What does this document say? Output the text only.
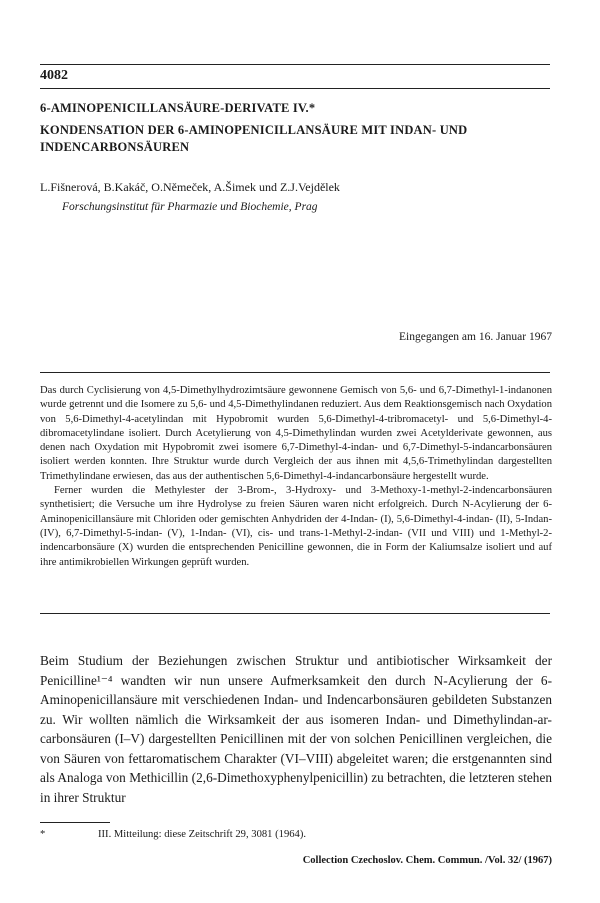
4082

6-AMINOPENICILLANSÄURE-DERIVATE IV.*

KONDENSATION DER 6-AMINOPENICILLANSÄURE MIT INDAN- UND INDENCARBONSÄUREN

L.Fišnerová, B.Kakáč, O.Němeček, A.Šimek und Z.J.Vejdělek

Forschungsinstitut für Pharmazie und Biochemie, Prag

Eingegangen am 16. Januar 1967

Das durch Cyclisierung von 4,5-Dimethylhydrozimtsäure gewonnene Gemisch von 5,6- und 6,7-Dimethyl-1-indanonen wurde getrennt und die Isomere zu 5,6- und 4,5-Dimethylindanen reduziert. Aus dem Reaktionsgemisch nach Oxydation von 5,6-Dimethyl-4-acetylindan mit Hypobromit wurden 5,6-Dimethyl-4-tribromacetyl- und 5,6-Dimethyl-4-dibromacetylindane isoliert. Durch Acetylierung von 4,5-Dimethylindan wurden zwei Acetylderivate gewonnen, aus denen nach Oxydation mit Hypobromit zwei isomere 6,7-Dimethyl-4-indan- und 6,7-Dimethyl-5-indancarbonsäuren isoliert werden konnten. Ihre Struktur wurde durch Vergleich der aus ihnen mit 4,5,6-Trimethylindan dargestellten Trimethylindane erwiesen, das aus der authentischen 5,6-Dimethyl-4-indancarbonsäure hergestellt wurde.

Ferner wurden die Methylester der 3-Brom-, 3-Hydroxy- und 3-Methoxy-1-methyl-2-indencarbonsäuren synthetisiert; die Versuche um ihre Hydrolyse zu freien Säuren waren nicht erfolgreich. Durch N-Acylierung der 6-Aminopenicillansäure mit Chloriden oder gemischten Anhydriden der 4-Indan- (I), 5,6-Dimethyl-4-indan- (II), 5-Indan- (IV), 6,7-Dimethyl-5-indan- (V), 1-Indan- (VI), cis- und trans-1-Methyl-2-indan- (VII und VIII) und 1-Methyl-2-indencarbonsäure (X) wurden die entsprechenden Penicilline gewonnen, die in Form der Kaliumsalze isoliert und auf ihre antimikrobiellen Wirkungen geprüft wurden.

Beim Studium der Beziehungen zwischen Struktur und antibiotischer Wirksamkeit der Penicilline¹⁻⁴ wandten wir nun unsere Aufmerksamkeit den durch N-Acylierung der 6-Aminopenicillansäure mit verschiedenen Indan- und Indencarbonsäuren gebildeten Substanzen zu. Wir wollten nämlich die Wirksamkeit der aus isomeren Indan- und Dimethylindan-ar-carbonsäuren (I–V) dargestellten Penicillinen mit der von solchen Penicillinen vergleichen, die von Säuren von fettaromatischem Charakter (VI–VIII) abgeleitet waren; die erstgenannten sind als Analoga von Methicillin (2,6-Dimethoxyphenylpenicillin) zu betrachten, die letzteren stehen in ihrer Struktur

*	III. Mitteilung: diese Zeitschrift 29, 3081 (1964).

Collection Czechoslov. Chem. Commun. /Vol. 32/ (1967)
